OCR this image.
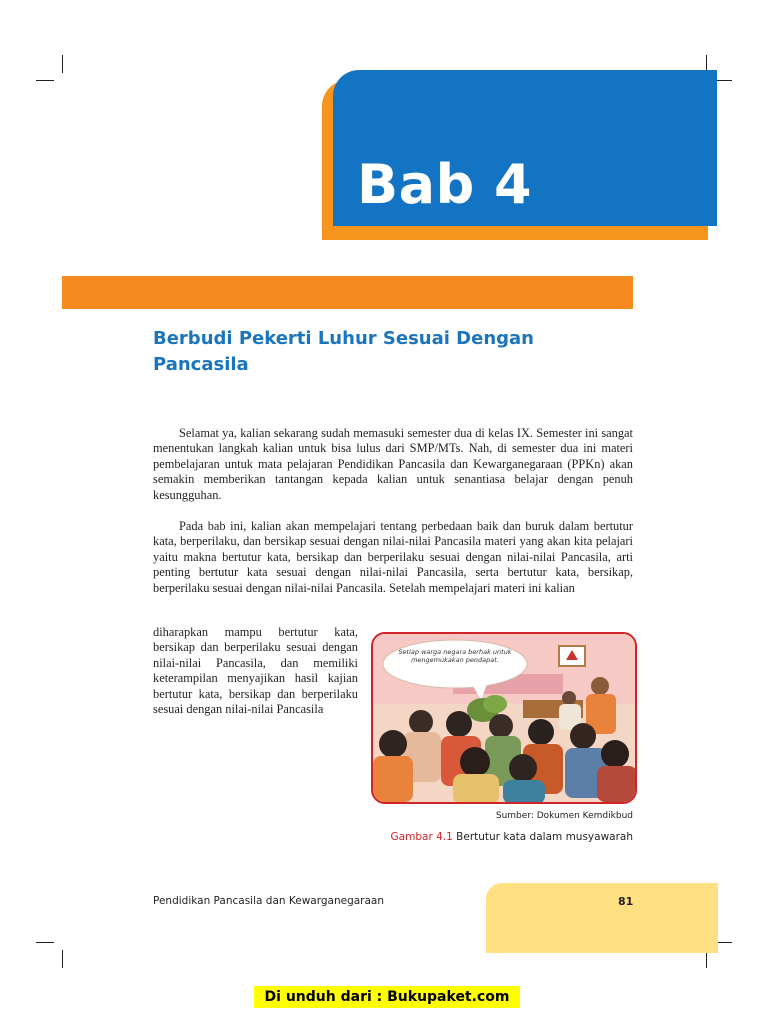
Bab 4
Berbudi Pekerti Luhur Sesuai Dengan
Pancasila

Selamat ya, kalian sekarang sudah memasuki semester dua di kelas IX. Semester ini sangat menentukan langkah kalian untuk bisa lulus dari SMP/MTs. Nah, di semester dua ini materi pembelajaran untuk mata pelajaran Pendidikan Pancasila dan Kewarganegaraan (PPKn) akan semakin memberikan tantangan kepada kalian untuk senantiasa belajar dengan penuh kesungguhan.

Pada bab ini, kalian akan mempelajari tentang perbedaan baik dan buruk dalam bertutur kata, berperilaku, dan bersikap sesuai dengan nilai-nilai Pancasila materi yang akan kita pelajari yaitu makna bertutur kata, bersikap dan berperilaku sesuai dengan nilai-nilai Pancasila, arti penting bertutur kata sesuai dengan nilai-nilai Pancasila, serta bertutur kata, bersikap, berperilaku sesuai dengan nilai-nilai Pancasila. Setelah mempelajari materi ini kalian

diharapkan mampu bertutur kata, bersikap dan berperilaku sesuai dengan nilai-nilai Pancasila, dan memiliki keterampilan menyajikan hasil kajian bertutur kata, bersikap dan berperilaku sesuai dengan nilai-nilai Pancasila

Setiap warga negara berhak untuk mengemukakan pendapat.
Sumber: Dokumen Kemdikbud
Gambar 4.1 Bertutur kata dalam musyawarah
Pendidikan Pancasila dan Kewarganegaraan	81
Di unduh dari : Bukupaket.com
